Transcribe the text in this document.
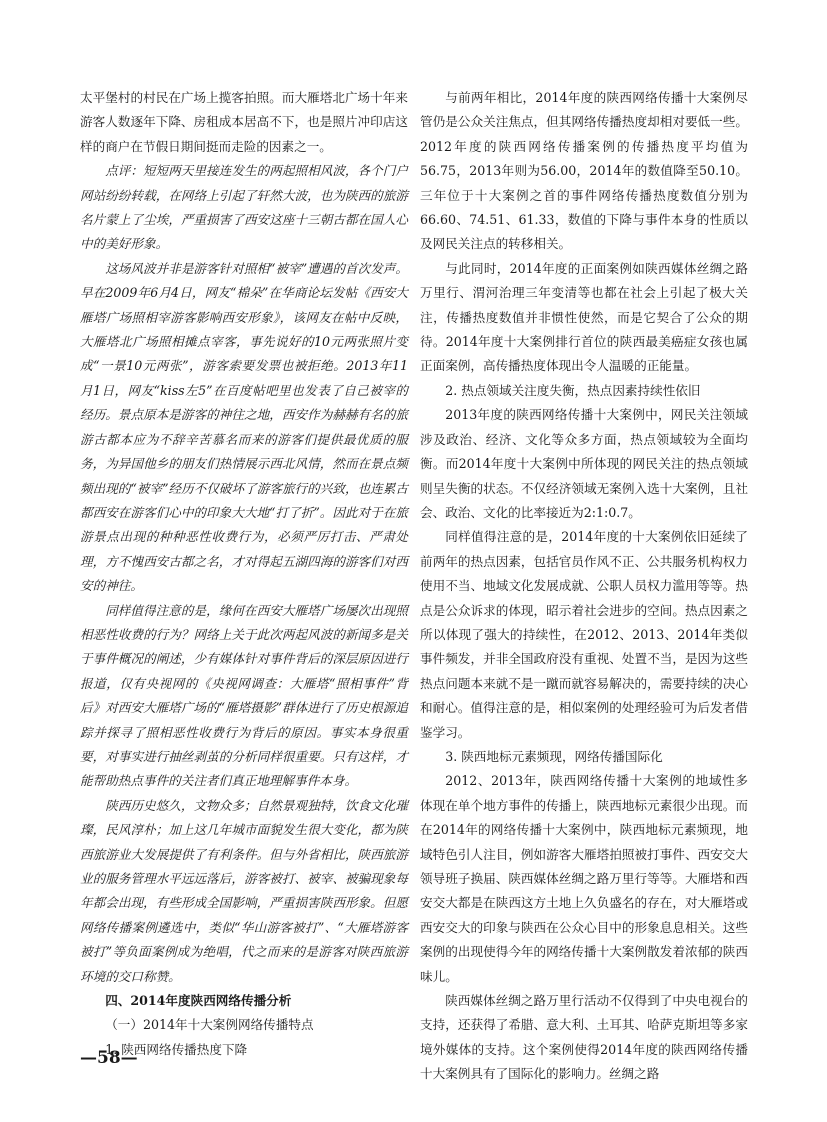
太平堡村的村民在广场上揽客拍照。而大雁塔北广场十年来游客人数逐年下降、房租成本居高不下，也是照片冲印店这样的商户在节假日期间挺而走险的因素之一。

点评：短短两天里接连发生的两起照相风波，各个门户网站纷纷转载，在网络上引起了轩然大波，也为陕西的旅游名片蒙上了尘埃，严重损害了西安这座十三朝古都在国人心中的美好形象。

这场风波并非是游客针对照相“被宰”遭遇的首次发声。早在2009年6月4日，网友“棉朵”在华商论坛发帖《西安大雁塔广场照相宰游客影响西安形象》，该网友在帖中反映，大雁塔北广场照相摊点宰客，事先说好的10元两张照片变成“一景10元两张”，游客索要发票也被拒绝。2013年11月1日，网友“kiss左5”在百度帖吧里也发表了自己被宰的经历。景点原本是游客的神往之地，西安作为赫赫有名的旅游古都本应为不辞辛苦慕名而来的游客们提供最优质的服务，为异国他乡的朋友们热情展示西北风情，然而在景点频频出现的“被宰”经历不仅破坏了游客旅行的兴致，也连累古都西安在游客们心中的印象大大地“打了折”。因此对于在旅游景点出现的种种恶性收费行为，必须严厉打击、严肃处理，方不愧西安古都之名，才对得起五湖四海的游客们对西安的神往。

同样值得注意的是，缘何在西安大雁塔广场屡次出现照相恶性收费的行为？网络上关于此次两起风波的新闻多是关于事件概况的阐述，少有媒体针对事件背后的深层原因进行报道，仅有央视网的《央视网调查：大雁塔“照相事件”背后》对西安大雁塔广场的“雁塔摄影”群体进行了历史根源追踪并探寻了照相恶性收费行为背后的原因。事实本身很重要，对事实进行抽丝剥茧的分析同样很重要。只有这样，才能帮助热点事件的关注者们真正地理解事件本身。

陕西历史悠久，文物众多；自然景观独特，饮食文化璀璨，民风淳朴；加上这几年城市面貌发生很大变化，都为陕西旅游业大发展提供了有利条件。但与外省相比，陕西旅游业的服务管理水平远远落后，游客被打、被宰、被骗现象每年都会出现，有些形成全国影响，严重损害陕西形象。但愿网络传播案例遴选中，类似“华山游客被打”、“大雁塔游客被打”等负面案例成为绝唱，代之而来的是游客对陕西旅游环境的交口称赞。

四、2014年度陕西网络传播分析

（一）2014年十大案例网络传播特点

1. 陕西网络传播热度下降

与前两年相比，2014年度的陕西网络传播十大案例尽管仍是公众关注焦点，但其网络传播热度却相对要低一些。2012年度的陕西网络传播案例的传播热度平均值为56.75，2013年则为56.00，2014年的数值降至50.10。三年位于十大案例之首的事件网络传播热度数值分别为66.60、74.51、61.33，数值的下降与事件本身的性质以及网民关注点的转移相关。

与此同时，2014年度的正面案例如陕西媒体丝绸之路万里行、渭河治理三年变清等也都在社会上引起了极大关注，传播热度数值并非惯性使然，而是它契合了公众的期待。2014年度十大案例排行首位的陕西最美癌症女孩也属正面案例，高传播热度体现出令人温暖的正能量。

2. 热点领域关注度失衡，热点因素持续性依旧

2013年度的陕西网络传播十大案例中，网民关注领域涉及政治、经济、文化等众多方面，热点领域较为全面均衡。而2014年度十大案例中所体现的网民关注的热点领域则呈失衡的状态。不仅经济领域无案例入选十大案例，且社会、政治、文化的比率接近为2:1:0.7。

同样值得注意的是，2014年度的十大案例依旧延续了前两年的热点因素，包括官员作风不正、公共服务机构权力使用不当、地域文化发展成就、公职人员权力滥用等等。热点是公众诉求的体现，昭示着社会进步的空间。热点因素之所以体现了强大的持续性，在2012、2013、2014年类似事件频发，并非全国政府没有重视、处置不当，是因为这些热点问题本来就不是一蹴而就容易解决的，需要持续的决心和耐心。值得注意的是，相似案例的处理经验可为后发者借鉴学习。

3. 陕西地标元素频现，网络传播国际化

2012、2013年，陕西网络传播十大案例的地域性多体现在单个地方事件的传播上，陕西地标元素很少出现。而在2014年的网络传播十大案例中，陕西地标元素频现，地域特色引人注目，例如游客大雁塔拍照被打事件、西安交大领导班子换届、陕西媒体丝绸之路万里行等等。大雁塔和西安交大都是在陕西这方土地上久负盛名的存在，对大雁塔或西安交大的印象与陕西在公众心目中的形象息息相关。这些案例的出现使得今年的网络传播十大案例散发着浓郁的陕西味儿。

陕西媒体丝绸之路万里行活动不仅得到了中央电视台的支持，还获得了希腊、意大利、土耳其、哈萨克斯坦等多家境外媒体的支持。这个案例使得2014年度的陕西网络传播十大案例具有了国际化的影响力。丝绸之路

—58—
